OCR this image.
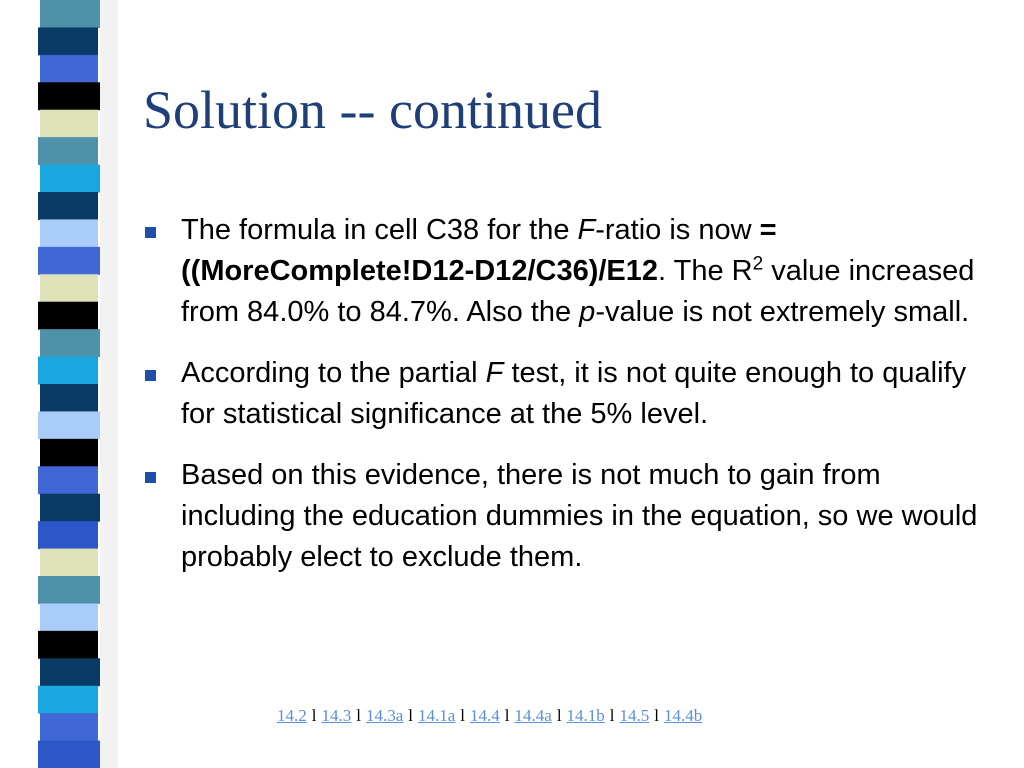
Solution -- continued
The formula in cell C38 for the F-ratio is now =((MoreComplete!D12-D12/C36)/E12. The $R^2$ value increased from 84.0% to 84.7%. Also the p-value is not extremely small.
According to the partial F test, it is not quite enough to qualify for statistical significance at the 5% level.
Based on this evidence, there is not much to gain from including the education dummies in the equation, so we would probably elect to exclude them.
14.2 l 14.3 l 14.3a l 14.1a l 14.4 l 14.4a l 14.1b l 14.5 l 14.4b
